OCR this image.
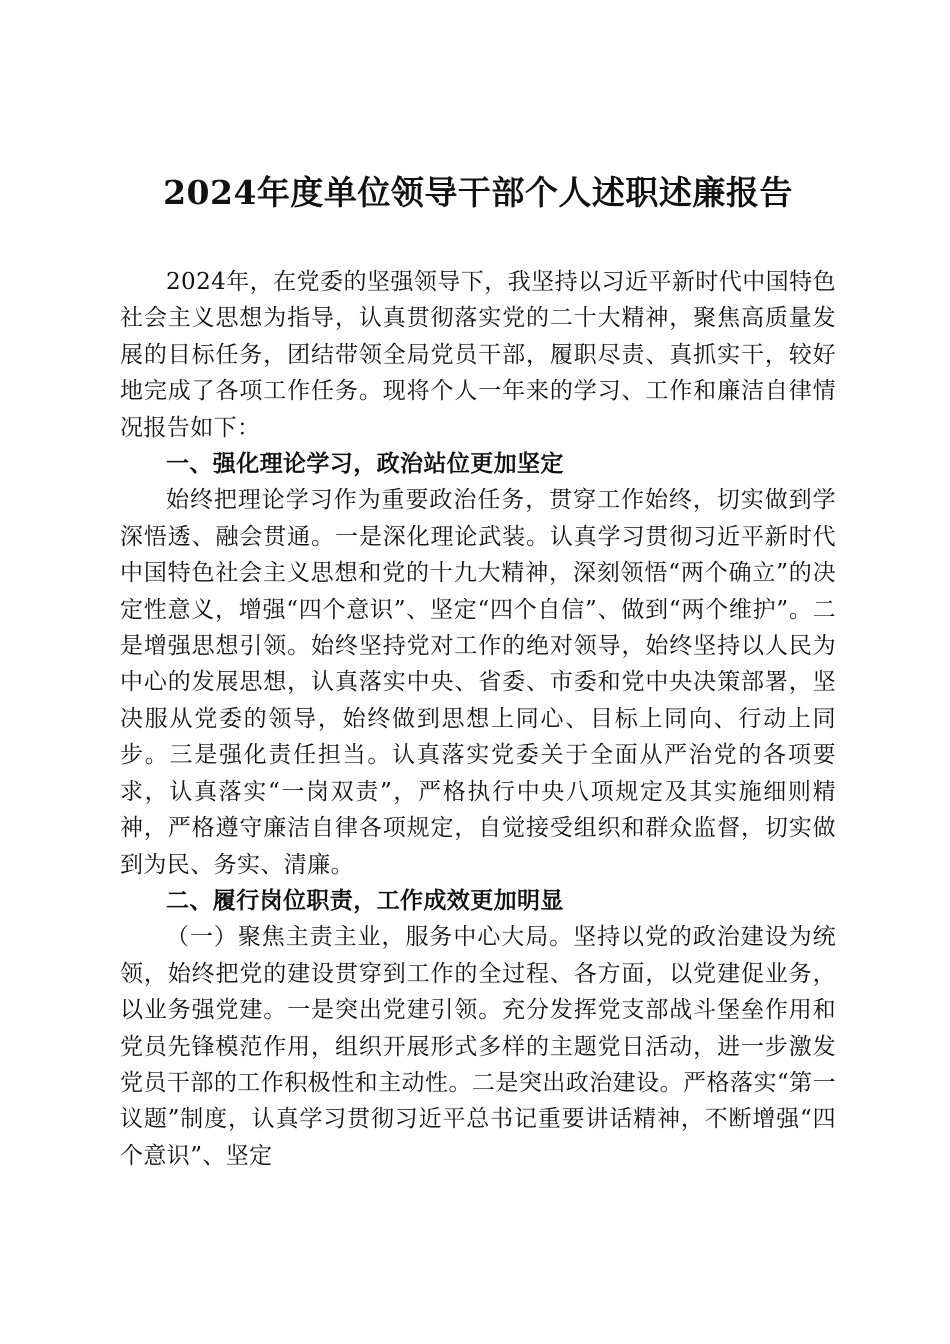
2024年度单位领导干部个人述职述廉报告

2024年，在党委的坚强领导下，我坚持以习近平新时代中国特色社会主义思想为指导，认真贯彻落实党的二十大精神，聚焦高质量发展的目标任务，团结带领全局党员干部，履职尽责、真抓实干，较好地完成了各项工作任务。现将个人一年来的学习、工作和廉洁自律情况报告如下：

一、强化理论学习，政治站位更加坚定

始终把理论学习作为重要政治任务，贯穿工作始终，切实做到学深悟透、融会贯通。一是深化理论武装。认真学习贯彻习近平新时代中国特色社会主义思想和党的十九大精神，深刻领悟“两个确立”的决定性意义，增强“四个意识”、坚定“四个自信”、做到“两个维护”。二是增强思想引领。始终坚持党对工作的绝对领导，始终坚持以人民为中心的发展思想，认真落实中央、省委、市委和党中央决策部署，坚决服从党委的领导，始终做到思想上同心、目标上同向、行动上同步。三是强化责任担当。认真落实党委关于全面从严治党的各项要求，认真落实“一岗双责”，严格执行中央八项规定及其实施细则精神，严格遵守廉洁自律各项规定，自觉接受组织和群众监督，切实做到为民、务实、清廉。

二、履行岗位职责，工作成效更加明显

（一）聚焦主责主业，服务中心大局。坚持以党的政治建设为统领，始终把党的建设贯穿到工作的全过程、各方面，以党建促业务，以业务强党建。一是突出党建引领。充分发挥党支部战斗堡垒作用和党员先锋模范作用，组织开展形式多样的主题党日活动，进一步激发党员干部的工作积极性和主动性。二是突出政治建设。严格落实“第一议题”制度，认真学习贯彻习近平总书记重要讲话精神，不断增强“四个意识”、坚定
